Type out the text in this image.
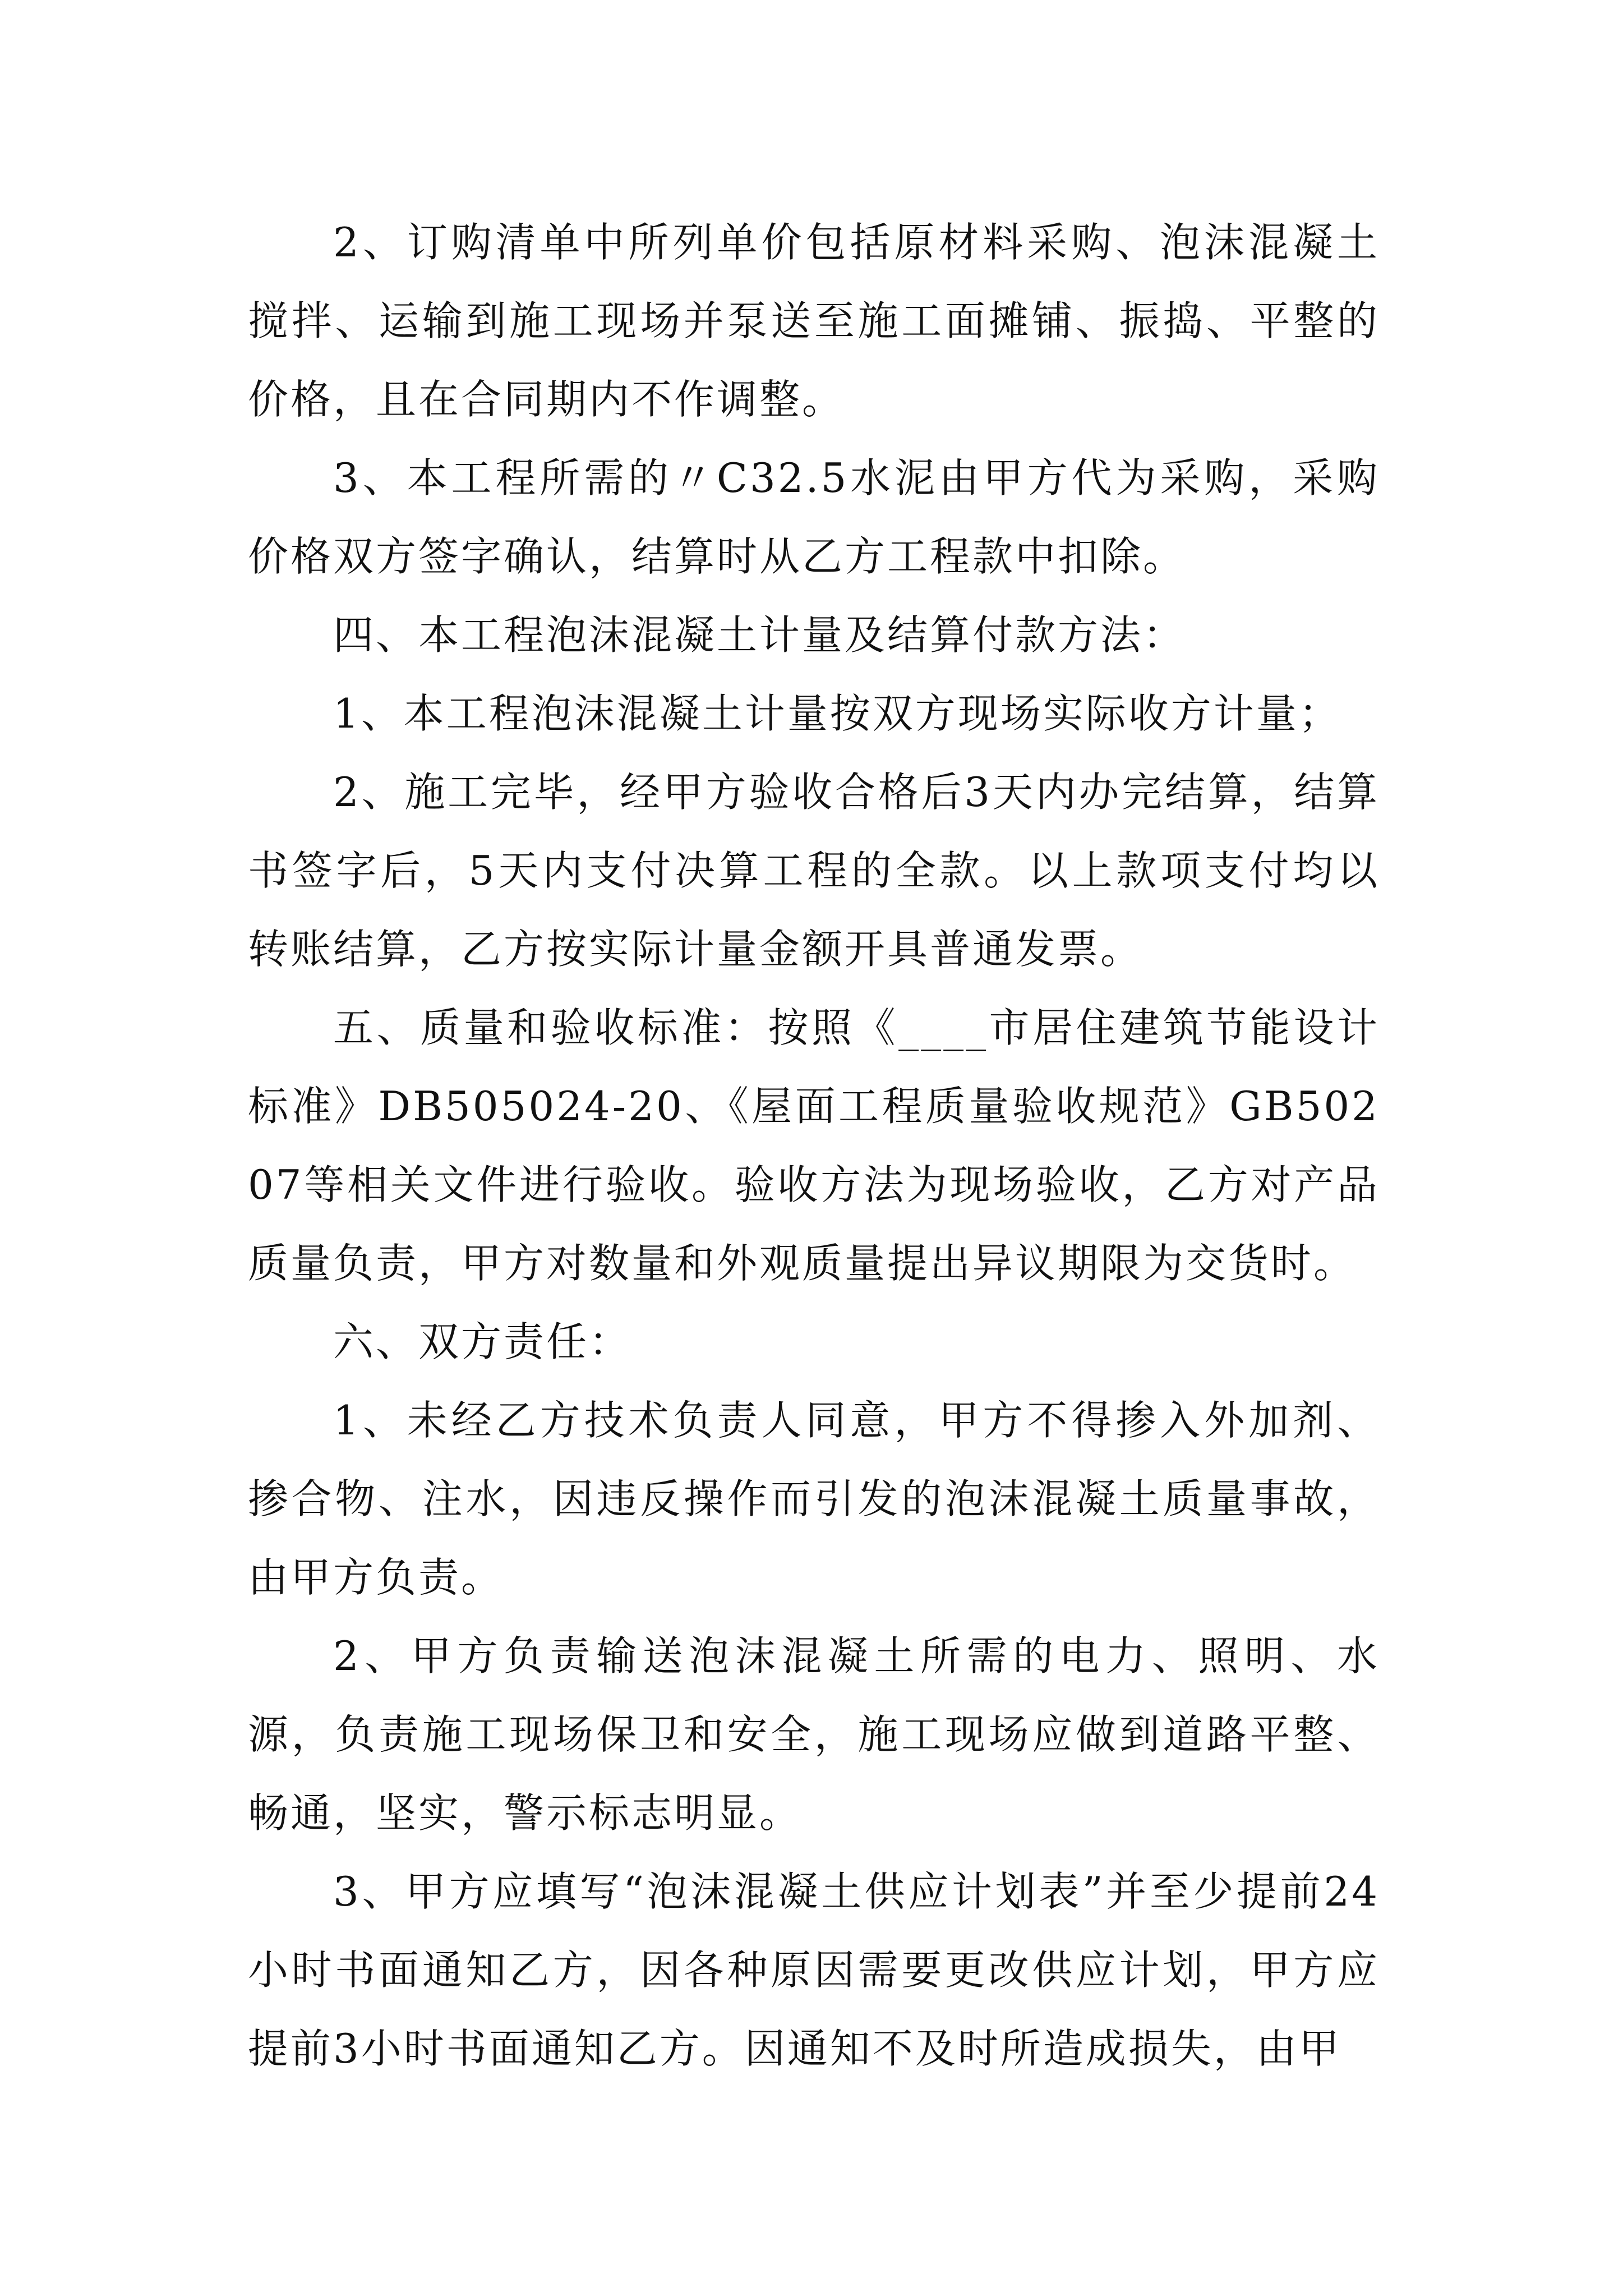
2、订购清单中所列单价包括原材料采购、泡沫混凝土搅拌、运输到施工现场并泵送至施工面摊铺、振捣、平整的价格，且在合同期内不作调整。

3、本工程所需的〃C32.5水泥由甲方代为采购，采购价格双方签字确认，结算时从乙方工程款中扣除。

四、本工程泡沫混凝土计量及结算付款方法：

1、本工程泡沫混凝土计量按双方现场实际收方计量；

2、施工完毕，经甲方验收合格后3天内办完结算，结算书签字后，5天内支付决算工程的全款。以上款项支付均以转账结算，乙方按实际计量金额开具普通发票。

五、质量和验收标准：按照《____市居住建筑节能设计标准》DB505024-20、《屋面工程质量验收规范》GB50207等相关文件进行验收。验收方法为现场验收，乙方对产品质量负责，甲方对数量和外观质量提出异议期限为交货时。

六、双方责任：

1、未经乙方技术负责人同意，甲方不得掺入外加剂、掺合物、注水，因违反操作而引发的泡沫混凝土质量事故，由甲方负责。

2、甲方负责输送泡沫混凝土所需的电力、照明、水源，负责施工现场保卫和安全，施工现场应做到道路平整、畅通，坚实，警示标志明显。

3、甲方应填写“泡沫混凝土供应计划表”并至少提前24小时书面通知乙方，因各种原因需要更改供应计划，甲方应提前3小时书面通知乙方。因通知不及时所造成损失，由甲
